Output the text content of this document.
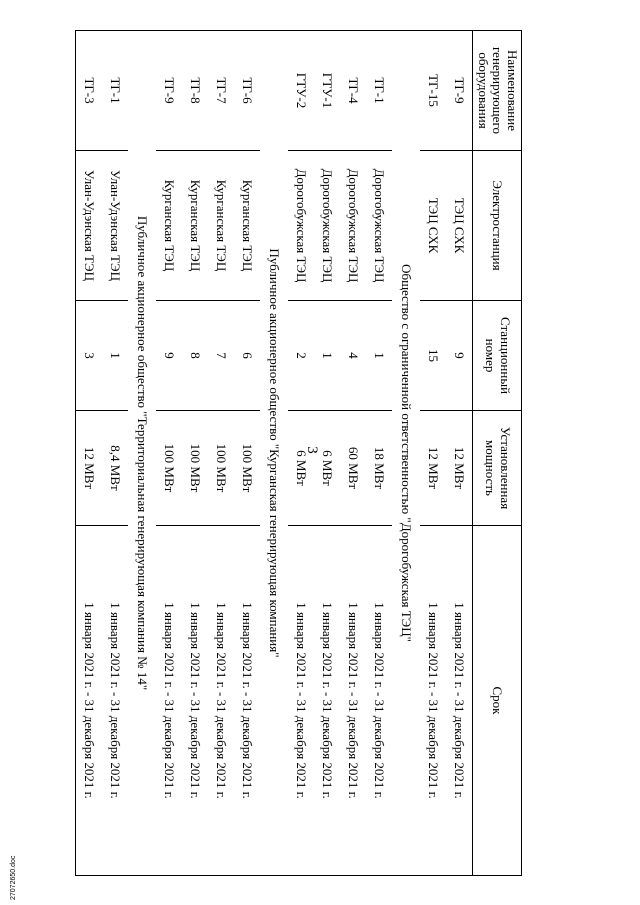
3
Наименование генерирующего оборудования	Электростанция	Станционный номер	Установленная мощность	Срок
ТГ-9	ТЭЦ СХК	9	12 МВт	1 января 2021 г. - 31 декабря 2021 г.
ТГ-15	ТЭЦ СХК	15	12 МВт	1 января 2021 г. - 31 декабря 2021 г.
Общество с ограниченной ответственностью "Дорогобужская ТЭЦ"				
ТГ-1	Дорогобужская ТЭЦ	1	18 МВт	1 января 2021 г. - 31 декабря 2021 г.
ТГ-4	Дорогобужская ТЭЦ	4	60 МВт	1 января 2021 г. - 31 декабря 2021 г.
ГТУ-1	Дорогобужская ТЭЦ	1	6 МВт	1 января 2021 г. - 31 декабря 2021 г.
ГТУ-2	Дорогобужская ТЭЦ	2	6 МВт	1 января 2021 г. - 31 декабря 2021 г.
Публичное акционерное общество "Курганская генерирующая компания"				
ТГ-6	Курганская ТЭЦ	6	100 МВт	1 января 2021 г. - 31 декабря 2021 г.
ТГ-7	Курганская ТЭЦ	7	100 МВт	1 января 2021 г. - 31 декабря 2021 г.
ТГ-8	Курганская ТЭЦ	8	100 МВт	1 января 2021 г. - 31 декабря 2021 г.
ТГ-9	Курганская ТЭЦ	9	100 МВт	1 января 2021 г. - 31 декабря 2021 г.
Публичное акционерное общество "Территориальная генерирующая компания № 14"				
ТГ-1	Улан-Удэнская ТЭЦ	1	8,4 МВт	1 января 2021 г. - 31 декабря 2021 г.
ТГ-3	Улан-Удэнская ТЭЦ	3	12 МВт	1 января 2021 г. - 31 декабря 2021 г.
27072650.doc
